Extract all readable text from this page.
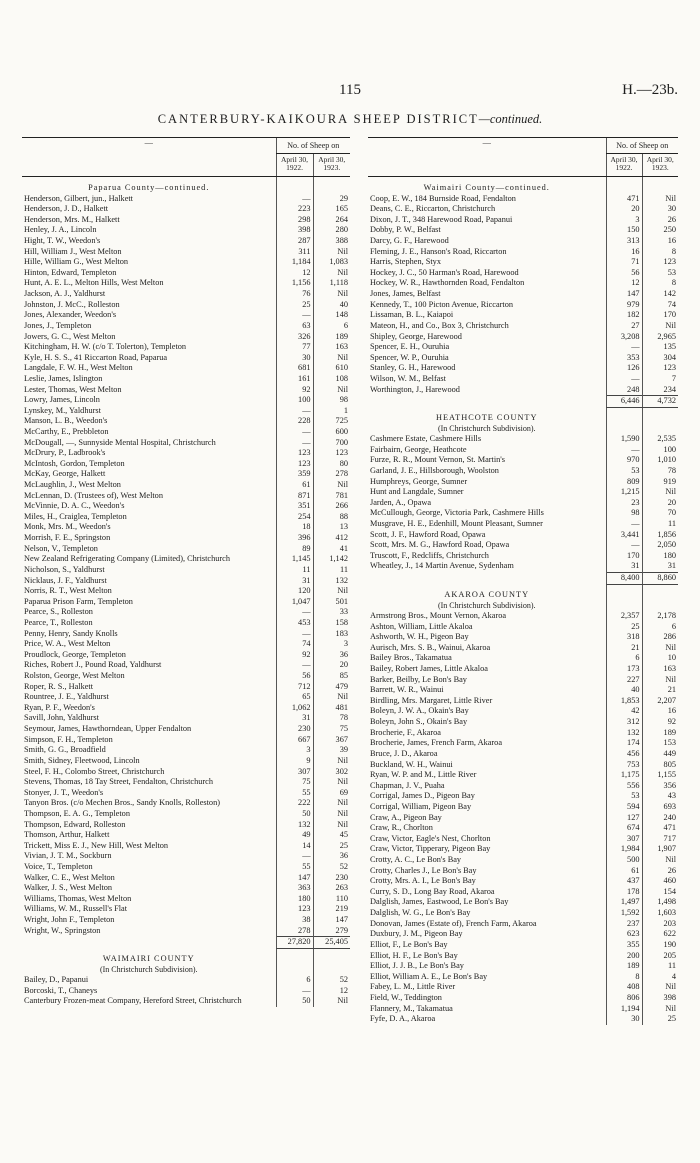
115	H.—23b.
CANTERBURY-KAIKOURA SHEEP DISTRICT—continued.
—	No. of Sheep on	
	April 30,
1922.	April 30,
1923.
Paparua County—continued.		
Henderson, Gilbert, jun., Halkett	—	29
Henderson, J. D., Halkett	223	165
Henderson, Mrs. M., Halkett	298	264
Henley, J. A., Lincoln	398	280
Hight, T. W., Weedon's	287	388
Hill, William J., West Melton	311	Nil
Hille, William G., West Melton	1,184	1,083
Hinton, Edward, Templeton	12	Nil
Hunt, A. E. L., Melton Hills, West Melton	1,156	1,118
Jackson, A. J., Yaldhurst	76	Nil
Johnston, J. McC., Rolleston	25	40
Jones, Alexander, Weedon's	—	148
Jones, J., Templeton	63	6
Jowers, G. C., West Melton	326	189
Kitchingham, H. W. (c/o T. Tolerton), Templeton	77	163
Kyle, H. S. S., 41 Riccarton Road, Paparua	30	Nil
Langdale, F. W. H., West Melton	681	610
Leslie, James, Islington	161	108
Lester, Thomas, West Melton	92	Nil
Lowry, James, Lincoln	100	98
Lynskey, M., Yaldhurst	—	1
Manson, L. B., Weedon's	228	725
McCarthy, E., Prebbleton	—	600
McDougall, —, Sunnyside Mental Hospital, Christchurch	—	700
McDrury, P., Ladbrook's	123	123
McIntosh, Gordon, Templeton	123	80
McKay, George, Halkett	359	278
McLaughlin, J., West Melton	61	Nil
McLennan, D. (Trustees of), West Melton	871	781
McVinnie, D. A. C., Weedon's	351	266
Miles, H., Craiglea, Templeton	254	88
Monk, Mrs. M., Weedon's	18	13
Morrish, F. E., Springston	396	412
Nelson, V., Templeton	89	41
New Zealand Refrigerating Company (Limited), Christchurch	1,145	1,142
Nicholson, S., Yaldhurst	11	11
Nicklaus, J. F., Yaldhurst	31	132
Norris, R. T., West Melton	120	Nil
Paparua Prison Farm, Templeton	1,047	501
Pearce, S., Rolleston	—	33
Pearce, T., Rolleston	453	158
Penny, Henry, Sandy Knolls	—	183
Price, W. A., West Melton	74	3
Proudlock, George, Templeton	92	36
Riches, Robert J., Pound Road, Yaldhurst	—	20
Rolston, George, West Melton	56	85
Roper, R. S., Halkett	712	479
Rountree, J. E., Yaldhurst	65	Nil
Ryan, P. F., Weedon's	1,062	481
Savill, John, Yaldhurst	31	78
Seymour, James, Hawthorndean, Upper Fendalton	230	75
Simpson, F. H., Templeton	667	367
Smith, G. G., Broadfield	3	39
Smith, Sidney, Fleetwood, Lincoln	9	Nil
Steel, F. H., Colombo Street, Christchurch	307	302
Stevens, Thomas, 18 Tay Street, Fendalton, Christchurch	75	Nil
Stonyer, J. T., Weedon's	55	69
Tanyon Bros. (c/o Mechen Bros., Sandy Knolls, Rolleston)	222	Nil
Thompson, E. A. G., Templeton	50	Nil
Thompson, Edward, Rolleston	132	Nil
Thomson, Arthur, Halkett	49	45
Trickett, Miss E. J., New Hill, West Melton	14	25
Vivian, J. T. M., Sockburn	—	36
Voice, T., Templeton	55	52
Walker, C. E., West Melton	147	230
Walker, J. S., West Melton	363	263
Williams, Thomas, West Melton	180	110
Williams, W. M., Russell's Flat	123	219
Wright, John F., Templeton	38	147
Wright, W., Springston	278	279
	27,820	25,405
WAIMAIRI COUNTY		
(In Christchurch Subdivision).		
Bailey, D., Papanui	6	52
Borcoski, T., Chaneys	—	12
Canterbury Frozen-meat Company, Hereford Street, Christchurch	50	Nil
—	No. of Sheep on	
	April 30,
1922.	April 30,
1923.
Waimairi County—continued.		
Coop, E. W., 184 Burnside Road, Fendalton	471	Nil
Deans, C. E., Riccarton, Christchurch	20	30
Dixon, J. T., 348 Harewood Road, Papanui	3	26
Dobby, P. W., Belfast	150	250
Darcy, G. F., Harewood	313	16
Fleming, J. E., Hanson's Road, Riccarton	16	8
Harris, Stephen, Styx	71	123
Hockey, J. C., 50 Harman's Road, Harewood	56	53
Hockey, W. R., Hawthornden Road, Fendalton	12	8
Jones, James, Belfast	147	142
Kennedy, T., 100 Picton Avenue, Riccarton	979	74
Lissaman, B. L., Kaiapoi	182	170
Mateon, H., and Co., Box 3, Christchurch	27	Nil
Shipley, George, Harewood	3,208	2,965
Spencer, E. H., Ouruhia	—	135
Spencer, W. P., Ouruhia	353	304
Stanley, G. H., Harewood	126	123
Wilson, W. M., Belfast	—	7
Worthington, J., Harewood	248	234
	6,446	4,732
HEATHCOTE COUNTY		
(In Christchurch Subdivision).		
Cashmere Estate, Cashmere Hills	1,590	2,535
Fairbairn, George, Heathcote	—	100
Furze, R. R., Mount Vernon, St. Martin's	970	1,010
Garland, J. E., Hillsborough, Woolston	53	78
Humphreys, George, Sumner	809	919
Hunt and Langdale, Sumner	1,215	Nil
Jarden, A., Opawa	23	20
McCullough, George, Victoria Park, Cashmere Hills	98	70
Musgrave, H. E., Edenhill, Mount Pleasant, Sumner	—	11
Scott, J. F., Hawford Road, Opawa	3,441	1,856
Scott, Mrs. M. G., Hawford Road, Opawa	—	2,050
Truscott, F., Redcliffs, Christchurch	170	180
Wheatley, J., 14 Martin Avenue, Sydenham	31	31
	8,400	8,860
AKAROA COUNTY		
(In Christchurch Subdivision).		
Armstrong Bros., Mount Vernon, Akaroa	2,357	2,178
Ashton, William, Little Akaloa	25	6
Ashworth, W. H., Pigeon Bay	318	286
Aurisch, Mrs. S. B., Wainui, Akaroa	21	Nil
Bailey Bros., Takamatua	6	10
Bailey, Robert James, Little Akaloa	173	163
Barker, Beilby, Le Bon's Bay	227	Nil
Barrett, W. R., Wainui	40	21
Birdling, Mrs. Margaret, Little River	1,853	2,207
Boleyn, J. W. A., Okain's Bay	42	16
Boleyn, John S., Okain's Bay	312	92
Brocherie, F., Akaroa	132	189
Brocherie, James, French Farm, Akaroa	174	153
Bruce, J. D., Akaroa	456	449
Buckland, W. H., Wainui	753	805
Ryan, W. P. and M., Little River	1,175	1,155
Chapman, J. V., Puaha	556	356
Corrigal, James D., Pigeon Bay	53	43
Corrigal, William, Pigeon Bay	594	693
Craw, A., Pigeon Bay	127	240
Craw, R., Chorlton	674	471
Craw, Victor, Eagle's Nest, Chorlton	307	717
Craw, Victor, Tipperary, Pigeon Bay	1,984	1,907
Crotty, A. C., Le Bon's Bay	500	Nil
Crotty, Charles J., Le Bon's Bay	61	26
Crotty, Mrs. A. I., Le Bon's Bay	437	460
Curry, S. D., Long Bay Road, Akaroa	178	154
Dalglish, James, Eastwood, Le Bon's Bay	1,497	1,498
Dalglish, W. G., Le Bon's Bay	1,592	1,603
Donovan, James (Estate of), French Farm, Akaroa	237	203
Duxbury, J. M., Pigeon Bay	623	622
Elliot, F., Le Bon's Bay	355	190
Elliot, H. F., Le Bon's Bay	200	205
Elliot, J. J. B., Le Bon's Bay	189	11
Elliot, William A. E., Le Bon's Bay	8	4
Fabey, L. M., Little River	408	Nil
Field, W., Teddington	806	398
Flannery, M., Takamatua	1,194	Nil
Fyfe, D. A., Akaroa	30	25
